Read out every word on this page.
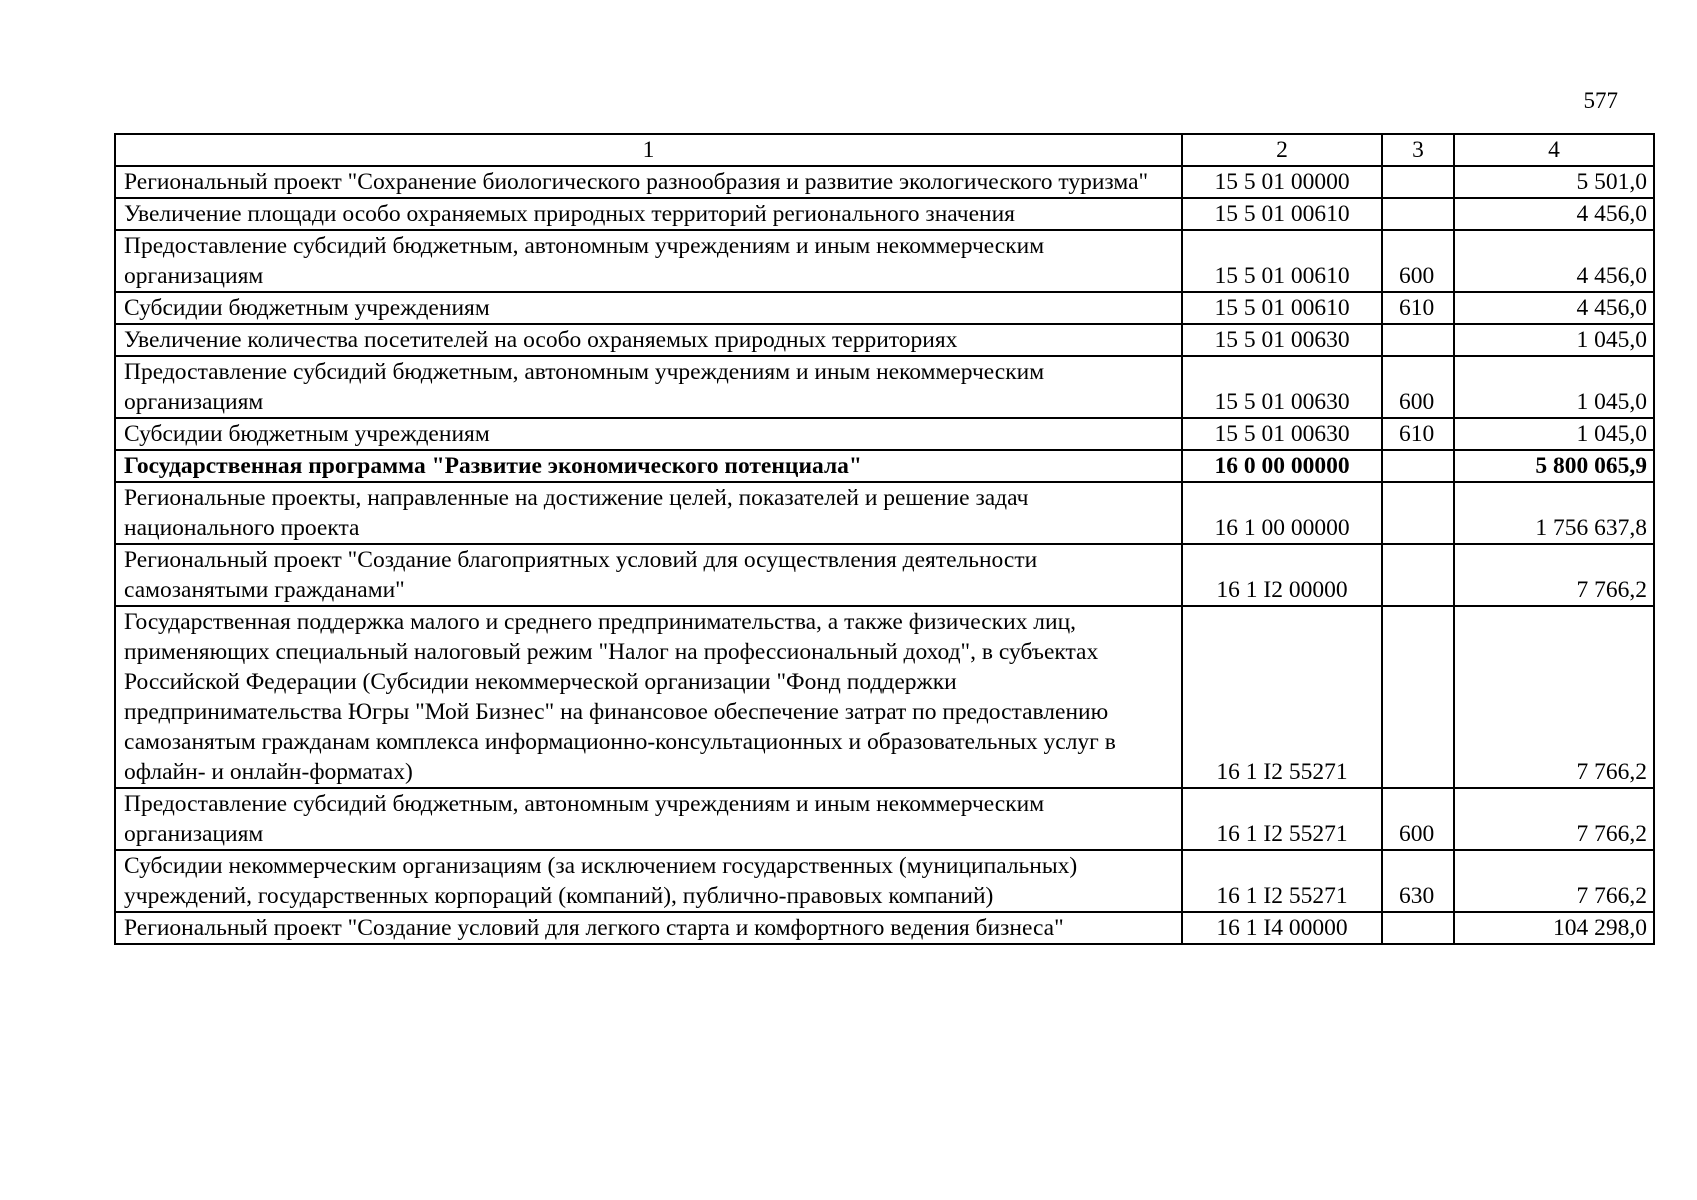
577
1	2	3	4
Региональный проект "Сохранение биологического разнообразия и развитие экологического туризма"	15 5 01 00000		5 501,0
Увеличение площади особо охраняемых природных территорий регионального значения	15 5 01 00610		4 456,0
Предоставление субсидий бюджетным, автономным учреждениям и иным некоммерческим организациям	15 5 01 00610	600	4 456,0
Субсидии бюджетным учреждениям	15 5 01 00610	610	4 456,0
Увеличение количества посетителей на особо охраняемых природных территориях	15 5 01 00630		1 045,0
Предоставление субсидий бюджетным, автономным учреждениям и иным некоммерческим организациям	15 5 01 00630	600	1 045,0
Субсидии бюджетным учреждениям	15 5 01 00630	610	1 045,0
Государственная программа "Развитие экономического потенциала"	16 0 00 00000		5 800 065,9
Региональные проекты, направленные на достижение целей, показателей и решение задач национального проекта	16 1 00 00000		1 756 637,8
Региональный проект "Создание благоприятных условий для осуществления деятельности самозанятыми гражданами"	16 1 I2 00000		7 766,2
Государственная поддержка малого и среднего предпринимательства, а также физических лиц, применяющих специальный налоговый режим "Налог на профессиональный доход", в субъектах Российской Федерации (Субсидии некоммерческой организации "Фонд поддержки предпринимательства Югры "Мой Бизнес" на финансовое обеспечение затрат по предоставлению самозанятым гражданам комплекса информационно-консультационных и образовательных услуг в офлайн- и онлайн-форматах)	16 1 I2 55271		7 766,2
Предоставление субсидий бюджетным, автономным учреждениям и иным некоммерческим организациям	16 1 I2 55271	600	7 766,2
Субсидии некоммерческим организациям (за исключением государственных (муниципальных) учреждений, государственных корпораций (компаний), публично-правовых компаний)	16 1 I2 55271	630	7 766,2
Региональный проект "Создание условий для легкого старта и комфортного ведения бизнеса"	16 1 I4 00000		104 298,0
